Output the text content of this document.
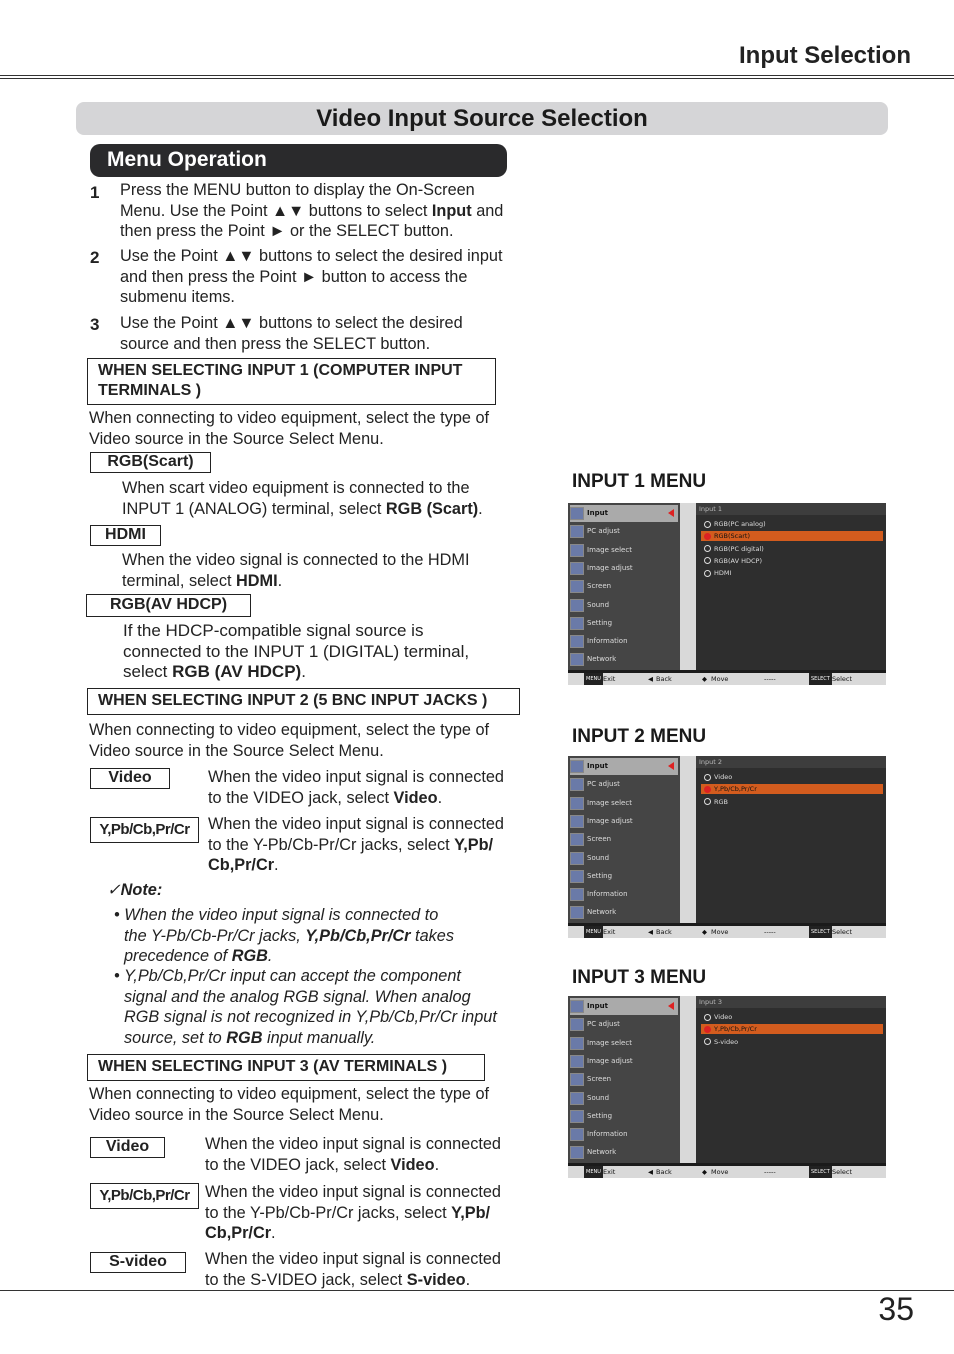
Input Selection
Video Input Source Selection
Menu Operation
1 Press the MENU button to display the On-Screen
Menu. Use the Point ▲▼ buttons to select Input and
then press the Point ► or the SELECT button.
2 Use the Point ▲▼ buttons to select the desired input
and then press the Point ► button to access the
submenu items.
3 Use the Point ▲▼ buttons to select the desired
source and then press the SELECT button.
WHEN SELECTING INPUT 1 (COMPUTER INPUT
TERMINALS )
When connecting to video equipment, select the type of
Video source in the Source Select Menu.
RGB(Scart)
When scart video equipment is connected to the
INPUT 1 (ANALOG) terminal, select RGB (Scart).
HDMI
When the video signal is connected to the HDMI
terminal, select HDMI.
RGB(AV HDCP)
If the HDCP-compatible signal source is
connected to the INPUT 1 (DIGITAL) terminal,
select RGB (AV HDCP).
WHEN SELECTING INPUT 2 (5 BNC INPUT JACKS )
When connecting to video equipment, select the type of
Video source in the Source Select Menu.
Video	When the video input signal is connected
to the VIDEO jack, select Video.
Y,Pb/Cb,Pr/Cr	When the video input signal is connected
to the Y-Pb/Cb-Pr/Cr jacks, select Y,Pb/
Cb,Pr/Cr.
✓Note:
• When the video input signal is connected to
the Y-Pb/Cb-Pr/Cr jacks, Y,Pb/Cb,Pr/Cr takes
precedence of RGB.
• Y,Pb/Cb,Pr/Cr input can accept the component
signal and the analog RGB signal. When analog
RGB signal is not recognized in Y,Pb/Cb,Pr/Cr input
source, set to RGB input manually.
WHEN SELECTING INPUT 3 (AV TERMINALS )
When connecting to video equipment, select the type of
Video source in the Source Select Menu.
Video	When the video input signal is connected
to the VIDEO jack, select Video.
Y,Pb/Cb,Pr/Cr When the video input signal is connected
to the Y-Pb/Cb-Pr/Cr jacks, select Y,Pb/
Cb,Pr/Cr.
S-video	When the video input signal is connected
to the S-VIDEO jack, select S-video.
INPUT 1 MENU
INPUT 2 MENU
INPUT 3 MENU
Input
PC adjust
Image select
Image adjust
Screen
Sound
Setting
Information
Network
Input 1
RGB(PC analog)
RGB(Scart)
RGB(PC digital)
RGB(AV HDCP)
HDMI
MENU Exit	◀ Back	◆ Move	-----	SELECT Select
Input
PC adjust
Image select
Image adjust
Screen
Sound
Setting
Information
Network
Input 2
Video
Y,Pb/Cb,Pr/Cr
RGB
MENU Exit	◀ Back	◆ Move	-----	SELECT Select
Input
PC adjust
Image select
Image adjust
Screen
Sound
Setting
Information
Network
Input 3
Video
Y,Pb/Cb,Pr/Cr
S-video
MENU Exit	◀ Back	◆ Move	-----	SELECT Select
35
